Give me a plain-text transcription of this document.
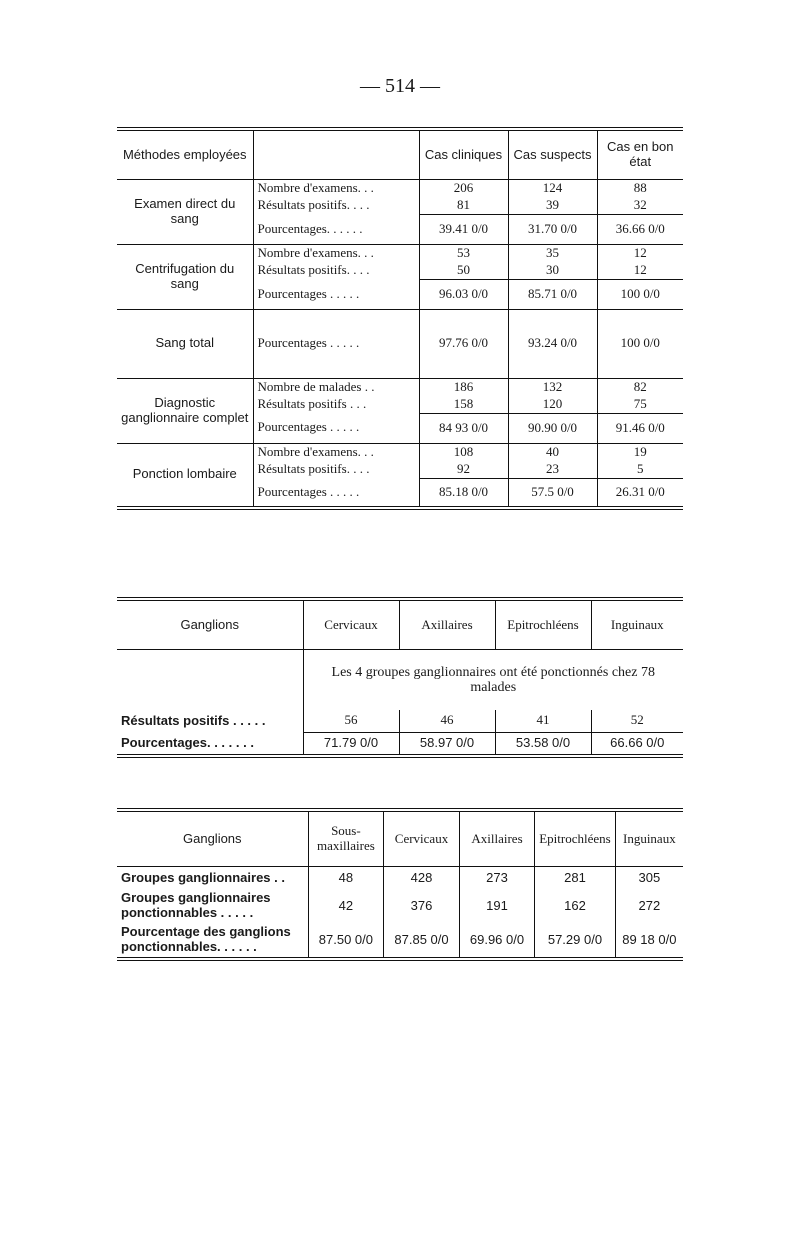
— 514 —
Méthodes employées		Cas cliniques	Cas suspects	Cas en bon état
Examen direct du sang	Nombre d'examens. . .	206	124	88
	Résultats positifs. . . .	81	39	32
	Pourcentages. . . . . .	39.41 0/0	31.70 0/0	36.66 0/0
Centrifugation du sang	Nombre d'examens. . .	53	35	12
	Résultats positifs. . . .	50	30	12
	Pourcentages . . . . .	96.03 0/0	85.71 0/0	100 0/0
Sang total	Pourcentages . . . . .	97.76 0/0	93.24 0/0	100 0/0
Diagnostic ganglionnaire complet	Nombre de malades . .	186	132	82
	Résultats positifs . . .	158	120	75
	Pourcentages . . . . .	84 93 0/0	90.90 0/0	91.46 0/0
Ponction lombaire	Nombre d'examens. . .	108	40	19
	Résultats positifs. . . .	92	23	5
	Pourcentages . . . . .	85.18 0/0	57.5 0/0	26.31 0/0
Ganglions	Cervicaux	Axillaires	Epitrochléens	Inguinaux
	Les 4 groupes ganglionnaires ont été ponctionnés chez 78 malades			
Résultats positifs . . . . .	56	46	41	52
Pourcentages. . . . . . .	71.79 0/0	58.97 0/0	53.58 0/0	66.66 0/0
Ganglions	Sous-maxillaires	Cervicaux	Axillaires	Epitrochléens	Inguinaux
Groupes ganglionnaires . .	48	428	273	281	305
Groupes ganglionnaires ponctionnables . . . . .	42	376	191	162	272
Pourcentage des ganglions ponctionnables. . . . . .	87.50 0/0	87.85 0/0	69.96 0/0	57.29 0/0	89 18 0/0
